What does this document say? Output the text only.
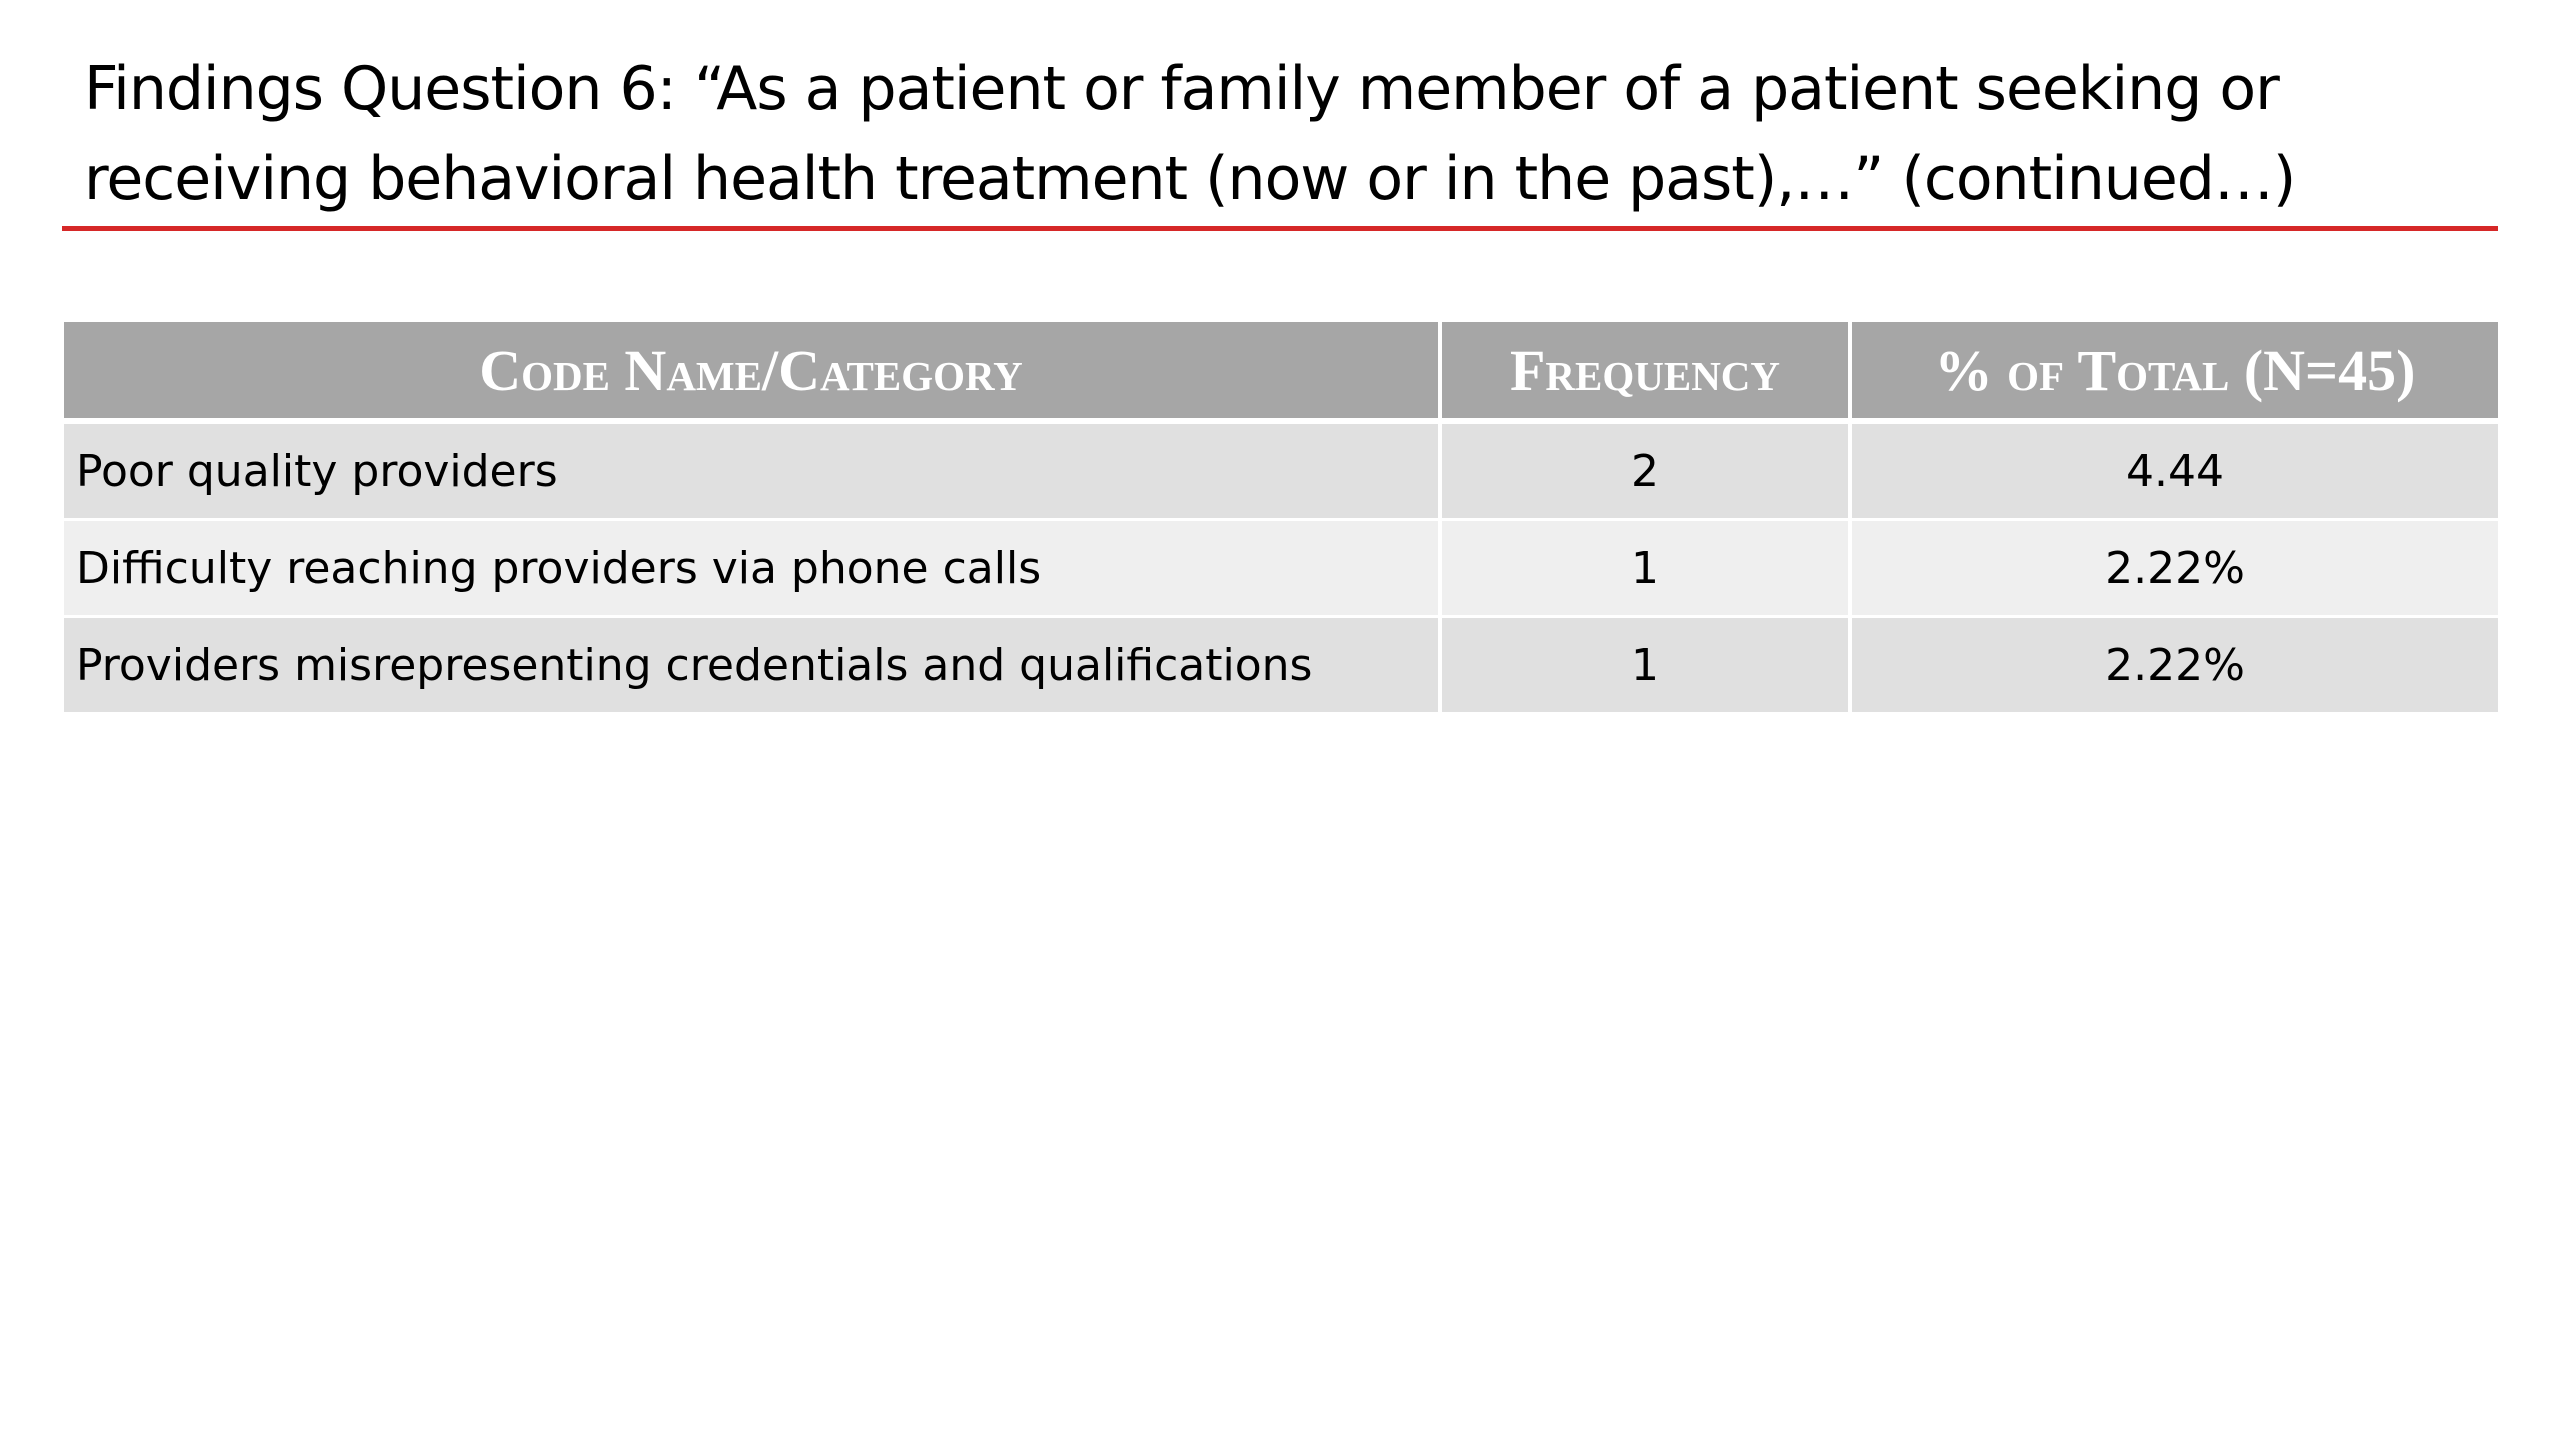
Findings Question 6: “As a patient or family member of a patient seeking or
receiving behavioral health treatment (now or in the past),…” (continued…)
Code Name/Category	Frequency	% of Total (N=45)
Poor quality providers	2	4.44
Difficulty reaching providers via phone calls	1	2.22%
Providers misrepresenting credentials and qualifications	1	2.22%
